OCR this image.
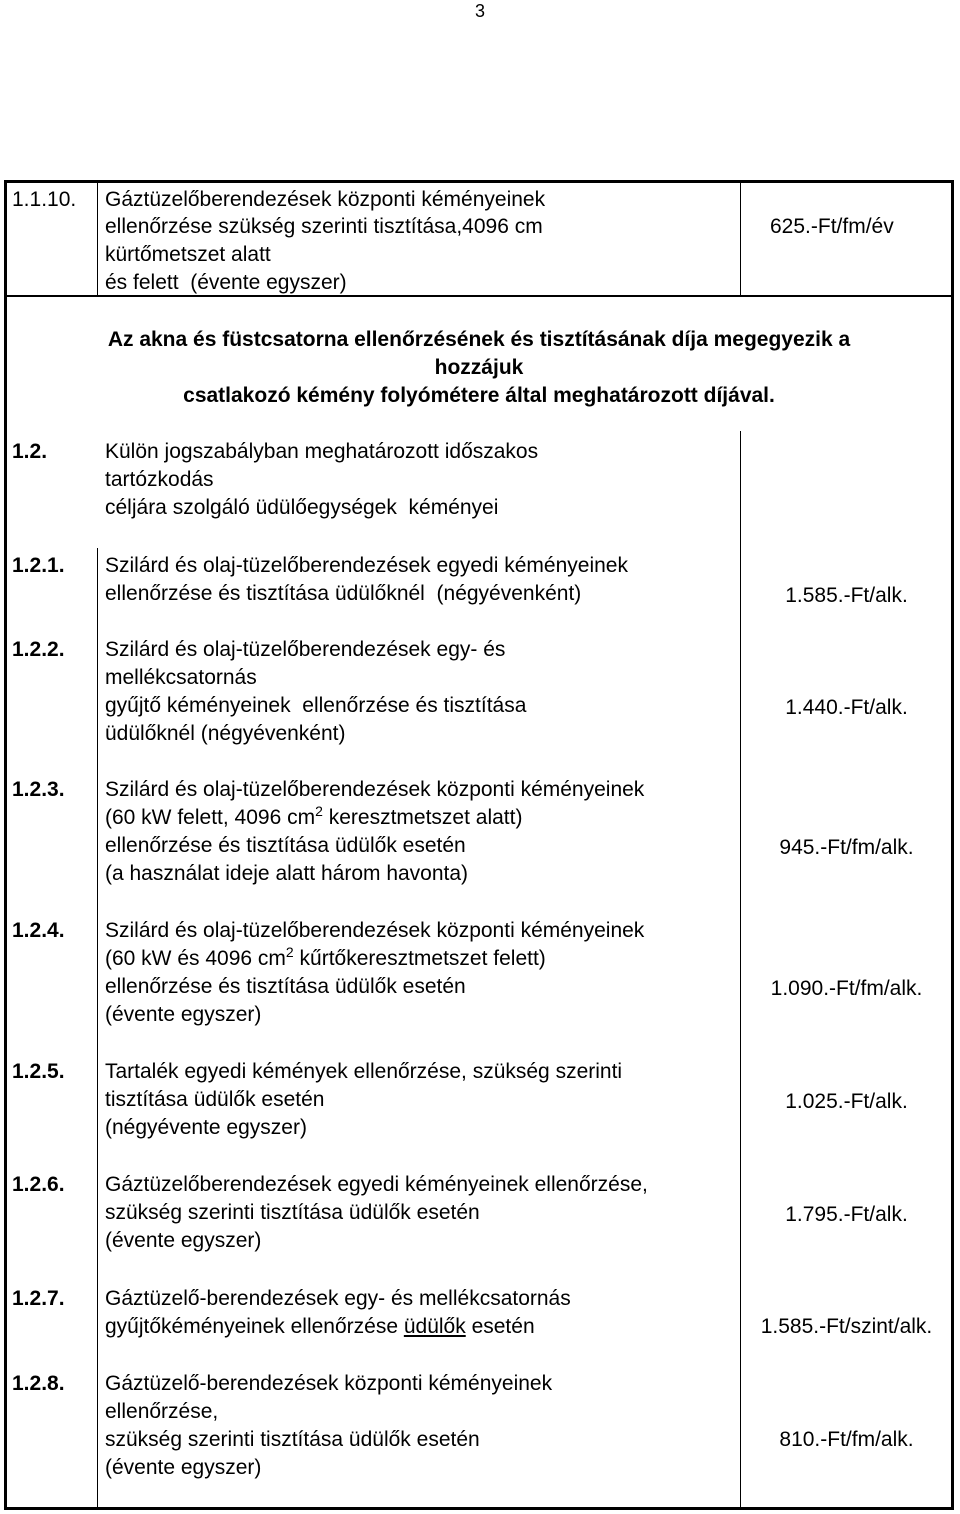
3
1.1.10. Gáztüzelőberendezések központi kéményeinek
ellenőrzése szükség szerinti tisztítása,4096 cm
kürtőmetszet alatt
és felett  (évente egyszer)
625.-Ft/fm/év
Az akna és füstcsatorna ellenőrzésének és tisztításának díja megegyezik a
hozzájuk
csatlakozó kémény folyómétere által meghatározott díjával.
1.2.	Külön jogszabályban meghatározott időszakos
tartózkodás
céljára szolgáló üdülőegységek  kéményei
1.2.1. Szilárd és olaj-tüzelőberendezések egyedi kéményeinek
ellenőrzése és tisztítása üdülőknél  (négyévenként)	1.585.-Ft/alk.
1.2.2. Szilárd és olaj-tüzelőberendezések egy- és
mellékcsatornás
gyűjtő kéményeinek  ellenőrzése és tisztítása
üdülőknél (négyévenként)
1.440.-Ft/alk.
1.2.3. Szilárd és olaj-tüzelőberendezések központi kéményeinek
(60 kW felett, 4096 $cm^2$ keresztmetszet alatt)
ellenőrzése és tisztítása üdülők esetén
(a használat ideje alatt három havonta)
945.-Ft/fm/alk.
1.2.4. Szilárd és olaj-tüzelőberendezések központi kéményeinek
(60 kW és 4096 $cm^2$ kűrtőkeresztmetszet felett)
ellenőrzése és tisztítása üdülők esetén
(évente egyszer)
1.090.-Ft/fm/alk.
1.2.5. Tartalék egyedi kémények ellenőrzése, szükség szerinti
tisztítása üdülők esetén
(négyévente egyszer)
1.025.-Ft/alk.
1.2.6. Gáztüzelőberendezések egyedi kéményeinek ellenőrzése,
szükség szerinti tisztítása üdülők esetén
(évente egyszer)
1.795.-Ft/alk.
1.2.7. Gáztüzelő-berendezések egy- és mellékcsatornás
gyűjtőkéményeinek ellenőrzése üdülők esetén	1.585.-Ft/szint/alk.
1.2.8. Gáztüzelő-berendezések központi kéményeinek
ellenőrzése,
szükség szerinti tisztítása üdülők esetén
(évente egyszer)
810.-Ft/fm/alk.
